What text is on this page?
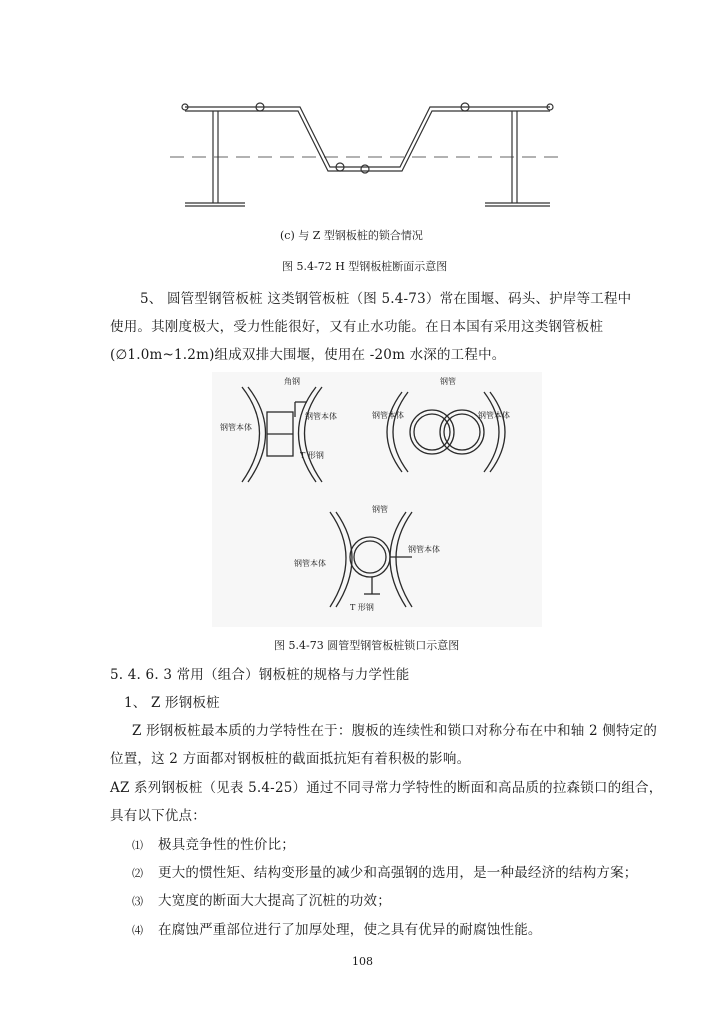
(c) 与 Z 型钢板桩的锁合情况
图 5.4-72 H 型钢板桩断面示意图
5、 圆管型钢管板桩 这类钢管板桩（图 5.4-73）常在围堰、码头、护岸等工程中
使用。其刚度极大，受力性能很好，又有止水功能。在日本国有采用这类钢管板桩
(∅1.0m~1.2m)组成双排大围堰，使用在 -20m 水深的工程中。
角钢
钢管本体
钢管本体
T 形钢
钢管
钢管本体	钢管本体
钢管
钢管本体
钢管本体
T 形钢
图 5.4-73 圆管型钢管板桩锁口示意图
5. 4. 6. 3 常用（组合）钢板桩的规格与力学性能
1、 Z 形钢板桩
Z 形钢板桩最本质的力学特性在于：腹板的连续性和锁口对称分布在中和轴 2 侧特定的
位置，这 2 方面都对钢板桩的截面抵抗矩有着积极的影响。
AZ 系列钢板桩（见表 5.4-25）通过不同寻常力学特性的断面和高品质的拉森锁口的组合，
具有以下优点：
⑴ 极具竞争性的性价比；
⑵ 更大的惯性矩、结构变形量的减少和高强钢的选用，是一种最经济的结构方案；
⑶ 大宽度的断面大大提高了沉桩的功效；
⑷ 在腐蚀严重部位进行了加厚处理，使之具有优异的耐腐蚀性能。
108
